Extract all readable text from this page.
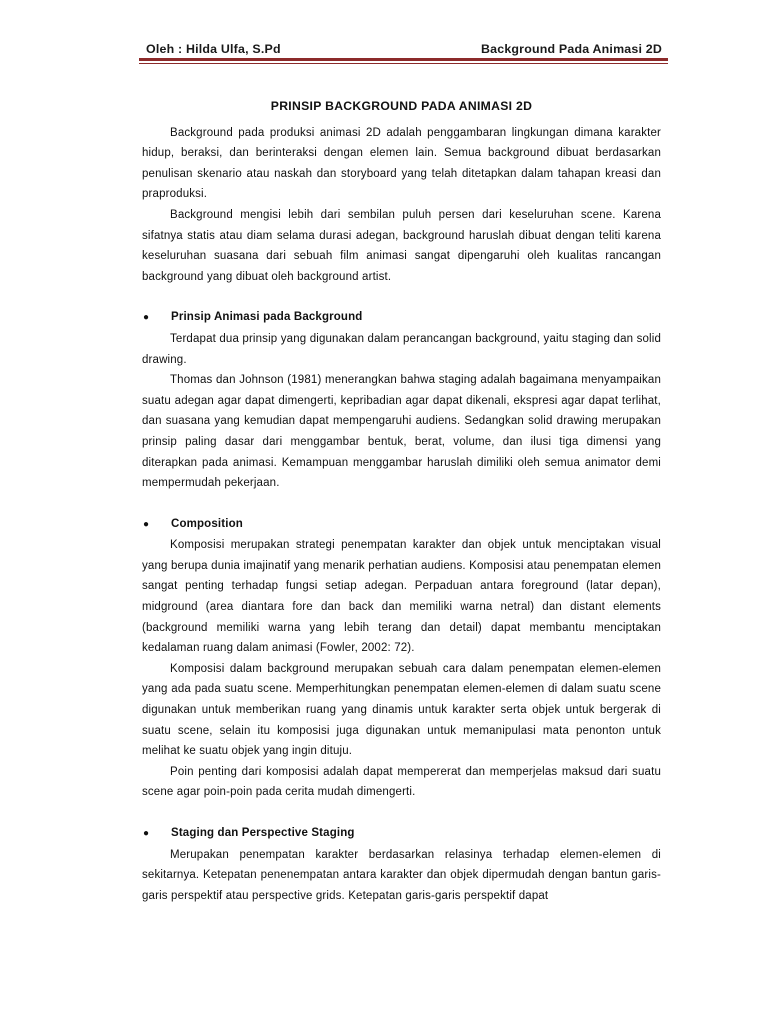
Oleh : Hilda Ulfa, S.Pd	Background Pada Animasi 2D
PRINSIP BACKGROUND PADA ANIMASI 2D

Background pada produksi animasi 2D adalah penggambaran lingkungan dimana karakter hidup, beraksi, dan berinteraksi dengan elemen lain. Semua background dibuat berdasarkan penulisan skenario atau naskah dan storyboard yang telah ditetapkan dalam tahapan kreasi dan praproduksi.

Background mengisi lebih dari sembilan puluh persen dari keseluruhan scene. Karena sifatnya statis atau diam selama durasi adegan, background haruslah dibuat dengan teliti karena keseluruhan suasana dari sebuah film animasi sangat dipengaruhi oleh kualitas rancangan background yang dibuat oleh background artist.

●	Prinsip Animasi pada Background

Terdapat dua prinsip yang digunakan dalam perancangan background, yaitu staging dan solid drawing.

Thomas dan Johnson (1981) menerangkan bahwa staging adalah bagaimana menyampaikan suatu adegan agar dapat dimengerti, kepribadian agar dapat dikenali, ekspresi agar dapat terlihat, dan suasana yang kemudian dapat mempengaruhi audiens. Sedangkan solid drawing merupakan prinsip paling dasar dari menggambar bentuk, berat, volume, dan ilusi tiga dimensi yang diterapkan pada animasi. Kemampuan menggambar haruslah dimiliki oleh semua animator demi mempermudah pekerjaan.

●	Composition

Komposisi merupakan strategi penempatan karakter dan objek untuk menciptakan visual yang berupa dunia imajinatif yang menarik perhatian audiens. Komposisi atau penempatan elemen sangat penting terhadap fungsi setiap adegan. Perpaduan antara foreground (latar depan), midground (area diantara fore dan back dan memiliki warna netral) dan distant elements (background memiliki warna yang lebih terang dan detail) dapat membantu menciptakan kedalaman ruang dalam animasi (Fowler, 2002: 72).

Komposisi dalam background merupakan sebuah cara dalam penempatan elemen-elemen yang ada pada suatu scene. Memperhitungkan penempatan elemen-elemen di dalam suatu scene digunakan untuk memberikan ruang yang dinamis untuk karakter serta objek untuk bergerak di suatu scene, selain itu komposisi juga digunakan untuk memanipulasi mata penonton untuk melihat ke suatu objek yang ingin dituju.

Poin penting dari komposisi adalah dapat mempererat dan memperjelas maksud dari suatu scene agar poin-poin pada cerita mudah dimengerti.

●	Staging dan Perspective Staging

Merupakan penempatan karakter berdasarkan relasinya terhadap elemen-elemen di sekitarnya. Ketepatan penenempatan antara karakter dan objek dipermudah dengan bantun garis-garis perspektif atau perspective grids. Ketepatan garis-garis perspektif dapat
